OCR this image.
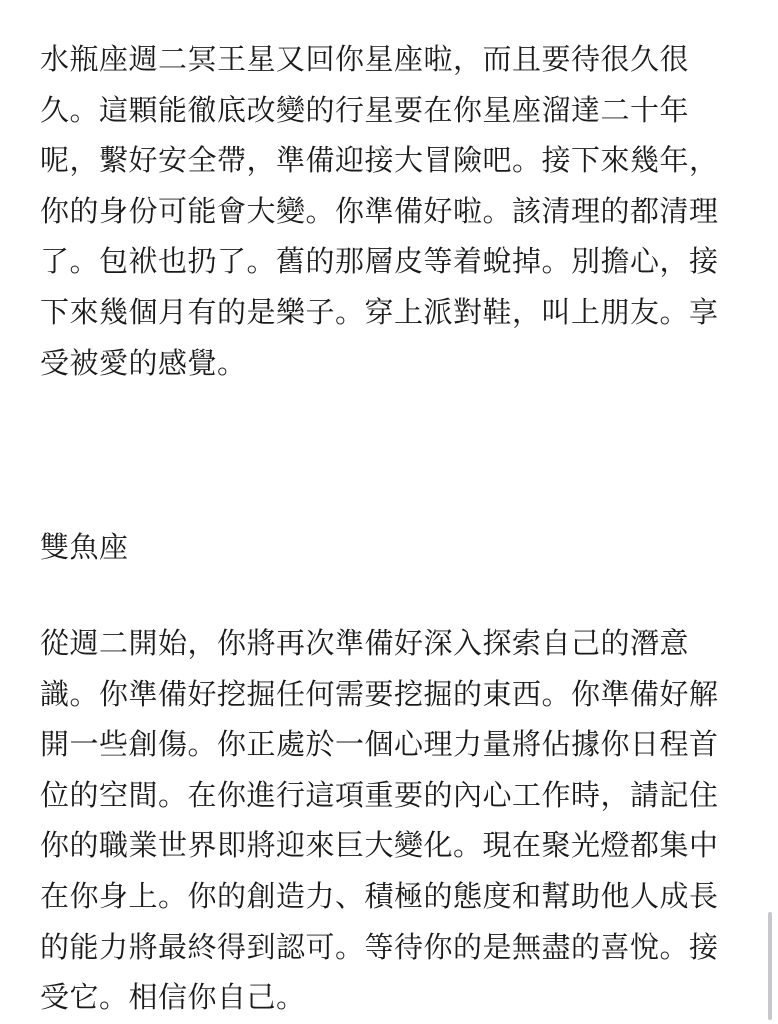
水瓶座週二冥王星又回你星座啦，而且要待很久很
久。這顆能徹底改變的行星要在你星座溜達二十年
呢，繫好安全帶，準備迎接大冒險吧。接下來幾年，
你的身份可能會大變。你準備好啦。該清理的都清理
了。包袱也扔了。舊的那層皮等着蛻掉。別擔心，接
下來幾個月有的是樂子。穿上派對鞋，叫上朋友。享
受被愛的感覺。

雙魚座

從週二開始，你將再次準備好深入探索自己的潛意
識。你準備好挖掘任何需要挖掘的東西。你準備好解
開一些創傷。你正處於一個心理力量將佔據你日程首
位的空間。在你進行這項重要的內心工作時，請記住
你的職業世界即將迎來巨大變化。現在聚光燈都集中
在你身上。你的創造力、積極的態度和幫助他人成長
的能力將最終得到認可。等待你的是無盡的喜悅。接
受它。相信你自己。
